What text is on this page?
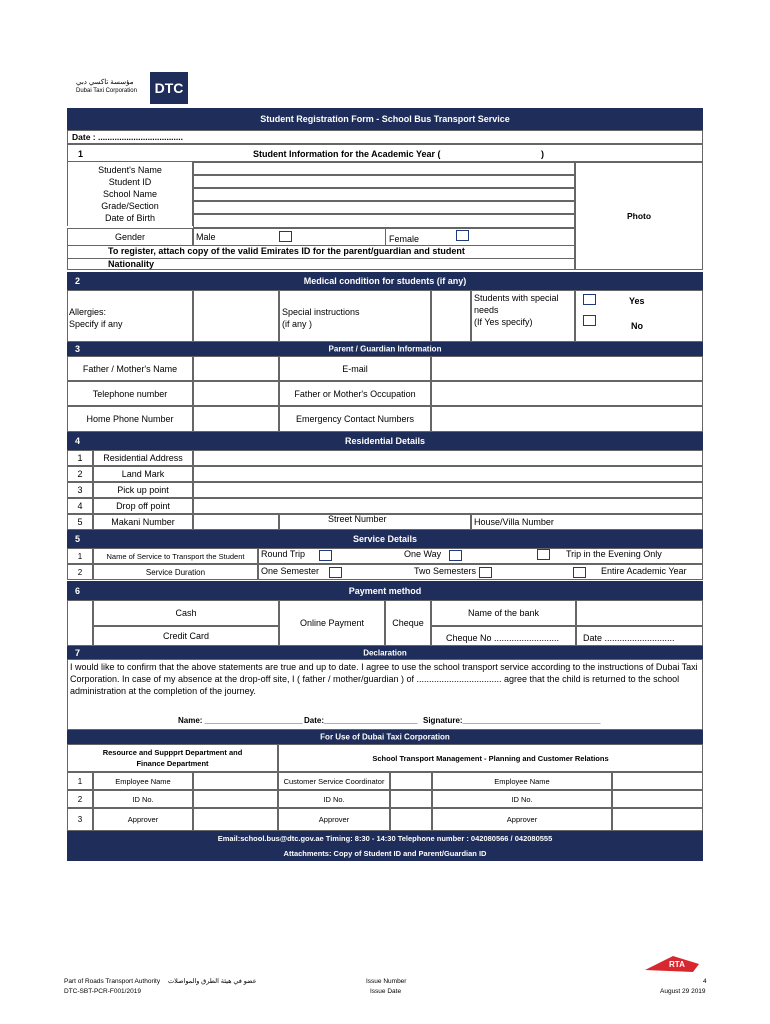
مؤسسة تاكسي دبي
Dubai Taxi Corporation DTC
Student Registration Form - School Bus Transport Service
Date : ....................................
1	Student Information for the Academic Year (	)
Student's Name
Student ID
School Name
Grade/Section
Date of Birth	Photo
Gender	Male	Female
To register, attach copy of the valid Emirates ID for the parent/guardian and student
Nationality
2	Medical condition for students (if any)
Allergies:
Specify if any
Special instructions
(if any )
Students with special
needs
(If Yes specify)
Yes
No
3	Parent / Guardian Information
Father / Mother's Name	E-mail
Telephone number	Father or Mother's Occupation
Home Phone Number	Emergency Contact Numbers
4	Residential Details
1	Residential Address
2	Land Mark
3	Pick up point
4	Drop off point
5	Makani Number	Street Number	House/Villa Number
5	Service Details
1	Name of Service to Transport the Student	Round Trip	One Way	Trip in the Evening Only
2	Service Duration	One Semester	Two Semesters	Entire Academic Year
6	Payment method
Cash
Credit Card
Online Payment	Cheque
Name of the bank
Cheque No ..........................	Date ............................
7	Declaration
I would like to confirm that the above statements are true and up to date. I agree to use the school transport service according to the instructions of Dubai Taxi Corporation. In case of my absence at the drop-off site, I ( father / mother/guardian ) of .................................. agree that the child is returned to the school administration at the completion of the journey.
Name: ______________________ Date:_____________________ Signature:_______________________________
For Use of Dubai Taxi Corporation
Resource and Suppprt Department and Finance Department
School Transport Management - Planning and Customer Relations
1	Employee Name	Customer Service Coordinator	Employee Name
2	ID No.	ID No.	ID No.
3	Approver	Approver	Approver
Email:school.bus@dtc.gov.ae Timing: 8:30 - 14:30 Telephone number : 042080566 / 042080555
Attachments: Copy of Student ID and Parent/Guardian ID
Part of Roads Transport Authority عضو في هيئة الطرق والمواصلات
DTC-SBT-PCR-F001/2019
Issue Number
Issue Date
4
August 29 2019
RTA
